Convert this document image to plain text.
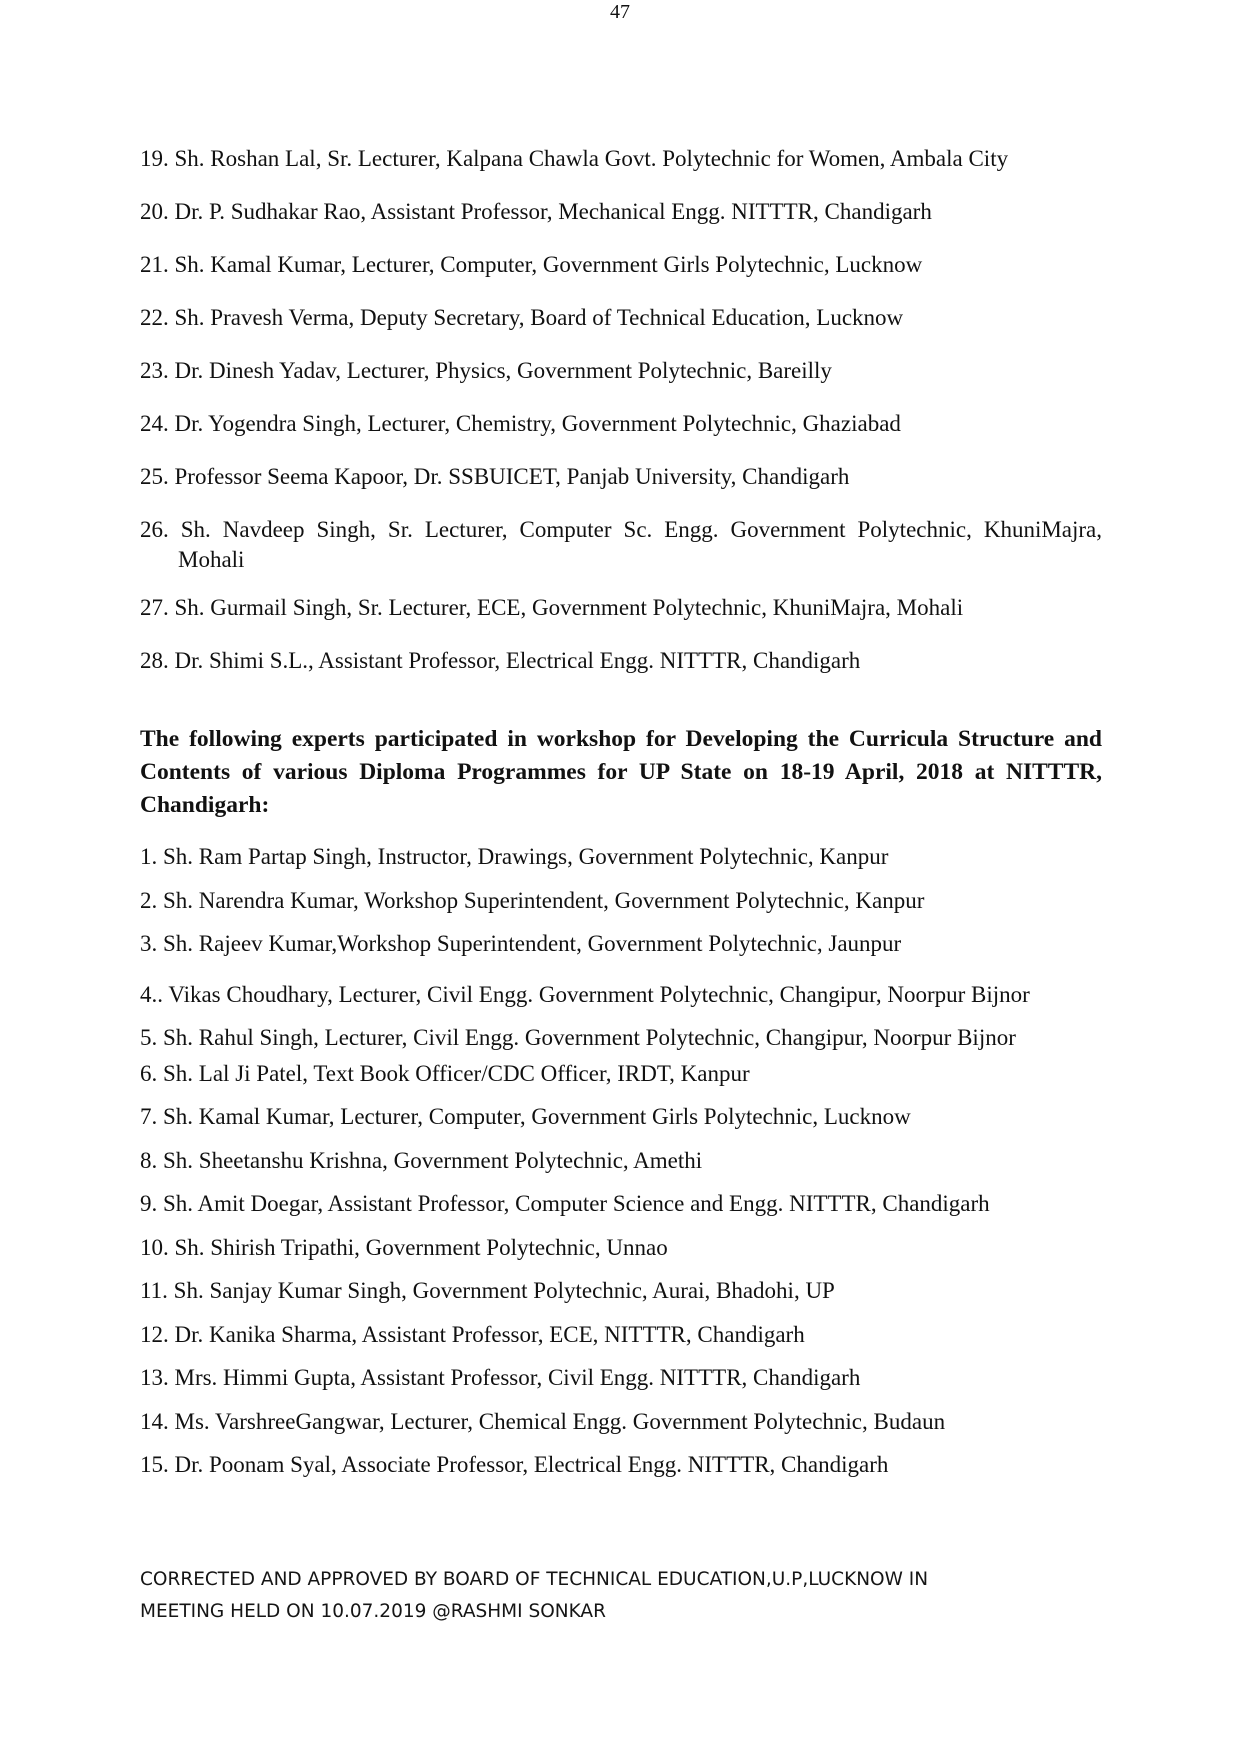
47
19. Sh. Roshan Lal, Sr. Lecturer, Kalpana Chawla Govt. Polytechnic for Women, Ambala City
20. Dr. P. Sudhakar Rao, Assistant Professor, Mechanical Engg. NITTTR, Chandigarh
21. Sh. Kamal Kumar, Lecturer, Computer, Government Girls Polytechnic, Lucknow
22. Sh. Pravesh Verma, Deputy Secretary, Board of Technical Education, Lucknow
23. Dr. Dinesh Yadav, Lecturer, Physics, Government Polytechnic, Bareilly
24. Dr. Yogendra Singh, Lecturer, Chemistry, Government Polytechnic, Ghaziabad
25. Professor Seema Kapoor, Dr. SSBUICET, Panjab University, Chandigarh
26. Sh. Navdeep Singh, Sr. Lecturer, Computer Sc. Engg. Government Polytechnic, KhuniMajra, Mohali
27. Sh. Gurmail Singh, Sr. Lecturer, ECE, Government Polytechnic, KhuniMajra, Mohali
28. Dr. Shimi S.L., Assistant Professor, Electrical Engg. NITTTR, Chandigarh

The following experts participated in workshop for Developing the Curricula Structure and Contents of various Diploma Programmes for UP State on 18-19 April, 2018 at NITTTR, Chandigarh:

1. Sh. Ram Partap Singh, Instructor, Drawings, Government Polytechnic, Kanpur
2. Sh. Narendra Kumar, Workshop Superintendent, Government Polytechnic, Kanpur
3. Sh. Rajeev Kumar,Workshop Superintendent, Government Polytechnic, Jaunpur
4.. Vikas Choudhary, Lecturer, Civil Engg. Government Polytechnic, Changipur, Noorpur Bijnor
5. Sh. Rahul Singh, Lecturer, Civil Engg. Government Polytechnic, Changipur, Noorpur Bijnor
6. Sh. Lal Ji Patel, Text Book Officer/CDC Officer, IRDT, Kanpur
7. Sh. Kamal Kumar, Lecturer, Computer, Government Girls Polytechnic, Lucknow
8. Sh. Sheetanshu Krishna, Government Polytechnic, Amethi
9. Sh. Amit Doegar, Assistant Professor, Computer Science and Engg. NITTTR, Chandigarh
10. Sh. Shirish Tripathi, Government Polytechnic, Unnao
11. Sh. Sanjay Kumar Singh, Government Polytechnic, Aurai, Bhadohi, UP
12. Dr. Kanika Sharma, Assistant Professor, ECE, NITTTR, Chandigarh
13. Mrs. Himmi Gupta, Assistant Professor, Civil Engg. NITTTR, Chandigarh
14. Ms. VarshreeGangwar, Lecturer, Chemical Engg. Government Polytechnic, Budaun
15. Dr. Poonam Syal, Associate Professor, Electrical Engg. NITTTR, Chandigarh
CORRECTED AND APPROVED BY BOARD OF TECHNICAL EDUCATION,U.P,LUCKNOW IN
MEETING HELD ON 10.07.2019 @RASHMI SONKAR
